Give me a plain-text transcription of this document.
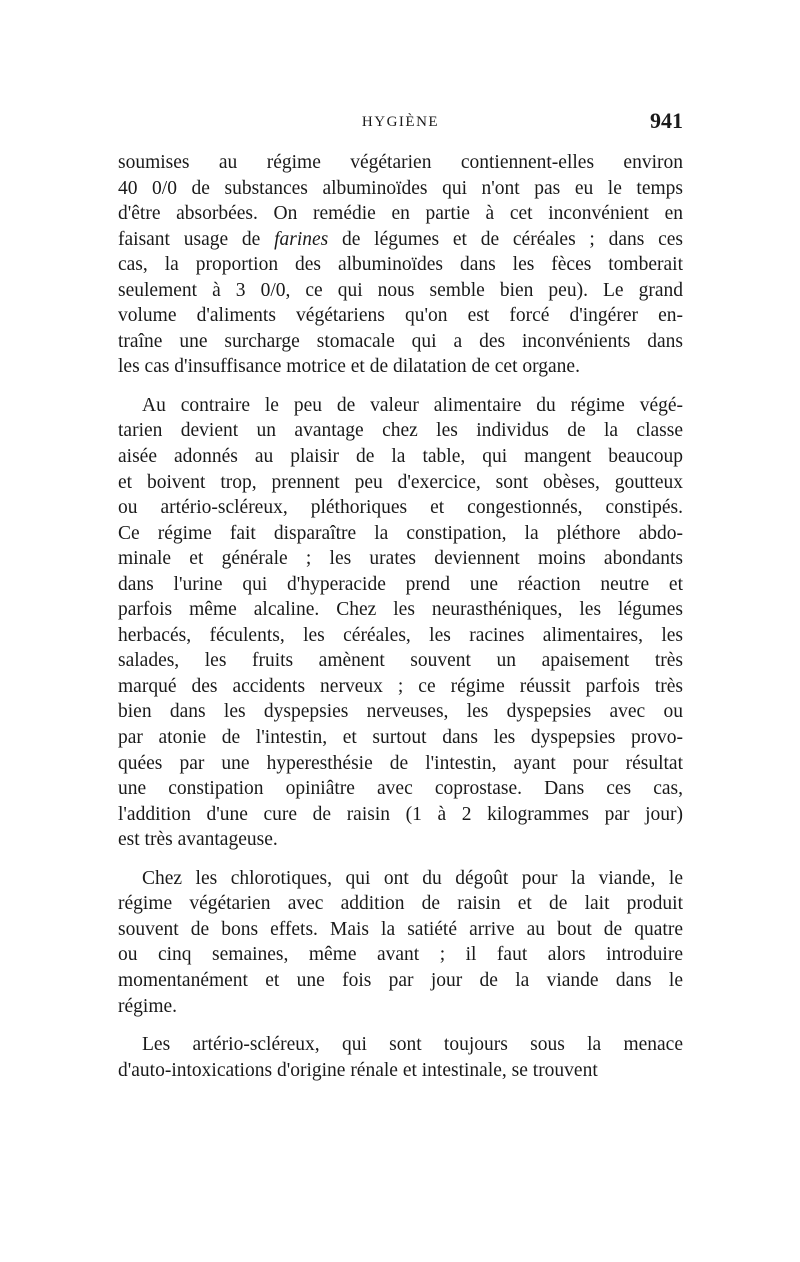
HYGIÈNE	941
soumises au régime végétarien contiennent-elles environ
40 0/0 de substances albuminoïdes qui n'ont pas eu le temps
d'être absorbées. On remédie en partie à cet inconvénient en
faisant usage de farines de légumes et de céréales ; dans ces
cas, la proportion des albuminoïdes dans les fèces tomberait
seulement à 3 0/0, ce qui nous semble bien peu). Le grand
volume d'aliments végétariens qu'on est forcé d'ingérer en-
traîne une surcharge stomacale qui a des inconvénients dans
les cas d'insuffisance motrice et de dilatation de cet organe.
Au contraire le peu de valeur alimentaire du régime végé-
tarien devient un avantage chez les individus de la classe
aisée adonnés au plaisir de la table, qui mangent beaucoup
et boivent trop, prennent peu d'exercice, sont obèses, goutteux
ou artério-scléreux, pléthoriques et congestionnés, constipés.
Ce régime fait disparaître la constipation, la pléthore abdo-
minale et générale ; les urates deviennent moins abondants
dans l'urine qui d'hyperacide prend une réaction neutre et
parfois même alcaline. Chez les neurasthéniques, les légumes
herbacés, féculents, les céréales, les racines alimentaires, les
salades, les fruits amènent souvent un apaisement très
marqué des accidents nerveux ; ce régime réussit parfois très
bien dans les dyspepsies nerveuses, les dyspepsies avec ou
par atonie de l'intestin, et surtout dans les dyspepsies provo-
quées par une hyperesthésie de l'intestin, ayant pour résultat
une constipation opiniâtre avec coprostase. Dans ces cas,
l'addition d'une cure de raisin (1 à 2 kilogrammes par jour)
est très avantageuse.
Chez les chlorotiques, qui ont du dégoût pour la viande, le
régime végétarien avec addition de raisin et de lait produit
souvent de bons effets. Mais la satiété arrive au bout de quatre
ou cinq semaines, même avant ; il faut alors introduire
momentanément et une fois par jour de la viande dans le
régime.
Les artério-scléreux, qui sont toujours sous la menace
d'auto-intoxications d'origine rénale et intestinale, se trouvent
